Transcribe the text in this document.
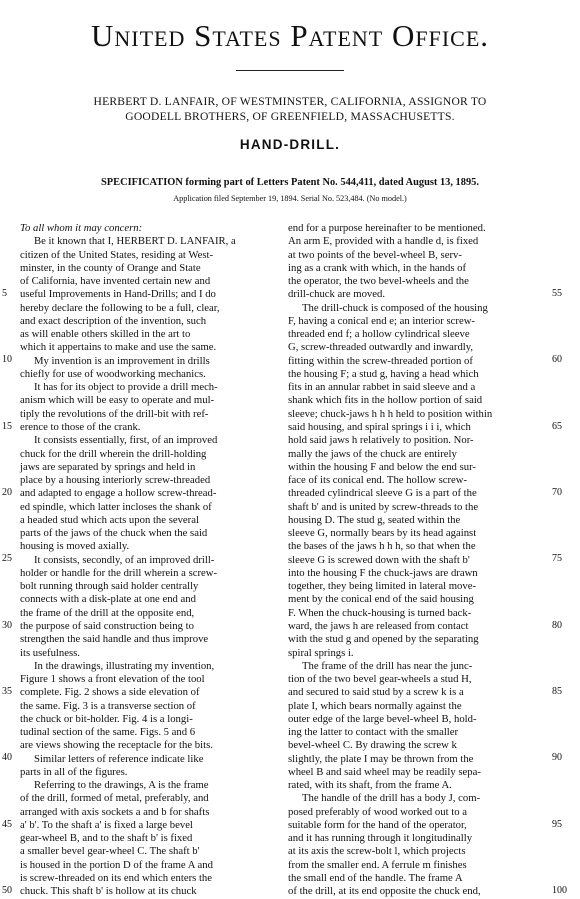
United States Patent Office.
HERBERT D. LANFAIR, OF WESTMINSTER, CALIFORNIA, ASSIGNOR TO
GOODELL BROTHERS, OF GREENFIELD, MASSACHUSETTS.
HAND-DRILL.
SPECIFICATION forming part of Letters Patent No. 544,411, dated August 13, 1895.
Application filed September 19, 1894. Serial No. 523,484. (No model.)
To all whom it may concern:
Be it known that I, HERBERT D. LANFAIR, a
citizen of the United States, residing at West-
minster, in the county of Orange and State
of California, have invented certain new and
useful Improvements in Hand-Drills; and I do
hereby declare the following to be a full, clear,
and exact description of the invention, such
as will enable others skilled in the art to
which it appertains to make and use the same.
My invention is an improvement in drills
chiefly for use of woodworking mechanics.
It has for its object to provide a drill mech-
anism which will be easy to operate and mul-
tiply the revolutions of the drill-bit with ref-
erence to those of the crank.
It consists essentially, first, of an improved
chuck for the drill wherein the drill-holding
jaws are separated by springs and held in
place by a housing interiorly screw-threaded
and adapted to engage a hollow screw-thread-
ed spindle, which latter incloses the shank of
a headed stud which acts upon the several
parts of the jaws of the chuck when the said
housing is moved axially.
It consists, secondly, of an improved drill-
holder or handle for the drill wherein a screw-
bolt running through said holder centrally
connects with a disk-plate at one end and
the frame of the drill at the opposite end,
the purpose of said construction being to
strengthen the said handle and thus improve
its usefulness.
In the drawings, illustrating my invention,
Figure 1 shows a front elevation of the tool
complete. Fig. 2 shows a side elevation of
the same. Fig. 3 is a transverse section of
the chuck or bit-holder. Fig. 4 is a longi-
tudinal section of the same. Figs. 5 and 6
are views showing the receptacle for the bits.
Similar letters of reference indicate like
parts in all of the figures.
Referring to the drawings, A is the frame
of the drill, formed of metal, preferably, and
arranged with axis sockets a and b for shafts
a' b'. To the shaft a' is fixed a large bevel
gear-wheel B, and to the shaft b' is fixed
a smaller bevel gear-wheel C. The shaft b'
is housed in the portion D of the frame A and
is screw-threaded on its end which enters the
chuck. This shaft b' is hollow at its chuck
end for a purpose hereinafter to be mentioned.
An arm E, provided with a handle d, is fixed
at two points of the bevel-wheel B, serv-
ing as a crank with which, in the hands of
the operator, the two bevel-wheels and the
drill-chuck are moved.
The drill-chuck is composed of the housing
F, having a conical end e; an interior screw-
threaded end f; a hollow cylindrical sleeve
G, screw-threaded outwardly and inwardly,
fitting within the screw-threaded portion of
the housing F; a stud g, having a head which
fits in an annular rabbet in said sleeve and a
shank which fits in the hollow portion of said
sleeve; chuck-jaws h h h held to position within
said housing, and spiral springs i i i, which
hold said jaws h relatively to position. Nor-
mally the jaws of the chuck are entirely
within the housing F and below the end sur-
face of its conical end. The hollow screw-
threaded cylindrical sleeve G is a part of the
shaft b' and is united by screw-threads to the
housing D. The stud g, seated within the
sleeve G, normally bears by its head against
the bases of the jaws h h h, so that when the
sleeve G is screwed down with the shaft b'
into the housing F the chuck-jaws are drawn
together, they being limited in lateral move-
ment by the conical end of the said housing
F. When the chuck-housing is turned back-
ward, the jaws h are released from contact
with the stud g and opened by the separating
spiral springs i.
The frame of the drill has near the junc-
tion of the two bevel gear-wheels a stud H,
and secured to said stud by a screw k is a
plate I, which bears normally against the
outer edge of the large bevel-wheel B, hold-
ing the latter to contact with the smaller
bevel-wheel C. By drawing the screw k
slightly, the plate I may be thrown from the
wheel B and said wheel may be readily sepa-
rated, with its shaft, from the frame A.
The handle of the drill has a body J, com-
posed preferably of wood worked out to a
suitable form for the hand of the operator,
and it has running through it longitudinally
at its axis the screw-bolt l, which projects
from the smaller end. A ferrule m finishes
the small end of the handle. The frame A
of the drill, at its end opposite the chuck end,
5
10
15
20
25
30
35
40
45
50
55
60
65
70
75
80
85
90
95
100
